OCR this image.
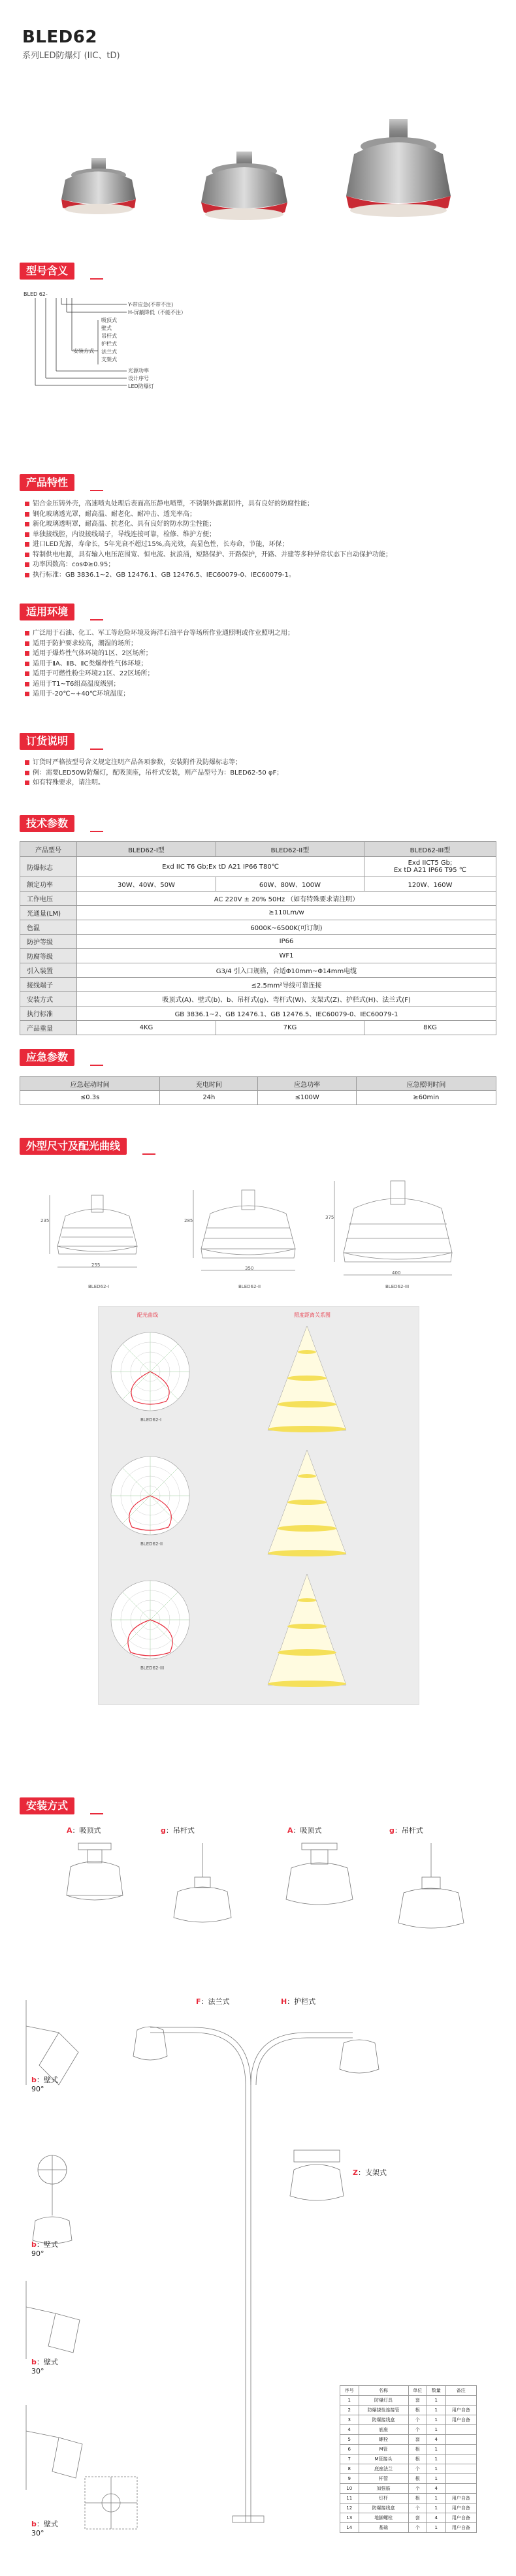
BLED62
系列LED防爆灯 (IIC、tD)
型号含义
BLED 62-
Y-带应急(不带不注)
H-屏蔽降低（不能不注）
吸顶式
壁式
吊杆式
护栏式
法兰式
支架式
安装方式
光源功率
设计序号
LED防爆灯
产品特性
铝合金压铸外壳，高速喷丸处理后表面高压静电喷塑，不锈钢外露紧固件，具有良好的防腐性能；
钢化玻璃透光罩，耐高温、耐老化、耐冲击、透光率高；
新化玻璃透明罩，耐高温、抗老化、具有良好的防水防尘性能；
单独接线腔，内设接线端子，导线连接可靠，检修、维护方便；
进口LED光源，寿命长，5年光衰不超过15%,高光效，高显色性，长寿命，节能，环保；
特制供电电源，具有输入电压范围宽、恒电流、抗浪涌，短路保护、开路保护，开路、并建等多种异常状态下自动保护功能；
功率因数高：cosΦ≥0.95；
执行标准：GB 3836.1~2、GB 12476.1、GB 12476.5、IEC60079-0、IEC60079-1。
适用环境
广泛用于石油、化工、军工等危险环境及海洋石油平台等场所作业通照明或作业照明之用；
适用于防护要求较高，潮湿的场所；
适用于爆炸性气体环境的1区、2区场所；
适用于ⅡA、ⅡB、ⅡC类爆炸性气体环境；
适用于可燃性粉尘环境21区、22区场所；
适用于T1~T6组高温度级别；
适用于-20℃~+40℃环境温度；
订货说明
订货时严格按型号含义规定注明产品各项参数，安装附件及防爆标志等；
例：需要LED50W防爆灯，配吸顶座，吊杆式安装，则产品型号为：BLED62-50 φF；
如有特殊要求，请注明。
技术参数
产品型号	BLED62-I型	BLED62-II型	BLED62-III型
防爆标志	Exd IIC T6 Gb;Ex tD A21 IP66 T80℃		Exd IICT5 Gb;
Ex tD A21 IP66 T95 ℃

额定功率	30W、40W、50W	60W、80W、100W	120W、160W
工作电压	AC 220V ± 20% 50Hz （如有特殊要求请注明）		
光通量(LM)	≥110Lm/w		
色温	6000K~6500K(可订制)		
防护等级	IP66		
防腐等级	WF1		
引入装置	G3/4 引入口规格，合适Φ10mm~Φ14mm电缆		
接线端子	≤2.5mm²导线可靠连接		
安装方式	吸顶式(A)、壁式(b)、b、吊杆式(g)、弯杆式(W)、支架式(Z)、护栏式(H)、法兰式(F)		
执行标准	GB 3836.1~2、GB 12476.1、GB 12476.5、IEC60079-0、IEC60079-1		
产品重量	4KG	7KG	8KG
应急参数
应急起动时间	充电时间	应急功率	应急照明时间
≤0.3s	24h	≤100W	≥60min
外型尺寸及配光曲线
255
350
400
235	285
375
BLED62-I	BLED62-II	BLED62-III
配光曲线	照度距离关系图
BLED62-I
BLED62-II
BLED62-III
安装方式
A：吸顶式	g：吊杆式	A：吸顶式	g：吊杆式
b：壁式
90°
b：壁式
90°
b：壁式
30°
b：壁式
30°
F：法兰式	H：护栏式
Z：支架式
序号	名称	单位	数量	备注
1	防爆灯具	套	1	
2	防爆挠性连接管	根	1	用户自备
3	防爆接线盒	个	1	用户自备
4	底座	个	1	
5	螺栓	套	4	
6	M管	根	1	
7	M管接头	根	1	
8	底座法兰	个	1	
9	杆管	根	1	
10	加强筋	个	4	
11	灯杆	根	1	用户自备
12	防爆接线盒	个	1	用户自备
13	地脚螺栓	套	4	用户自备
14	基础	个	1	用户自备
